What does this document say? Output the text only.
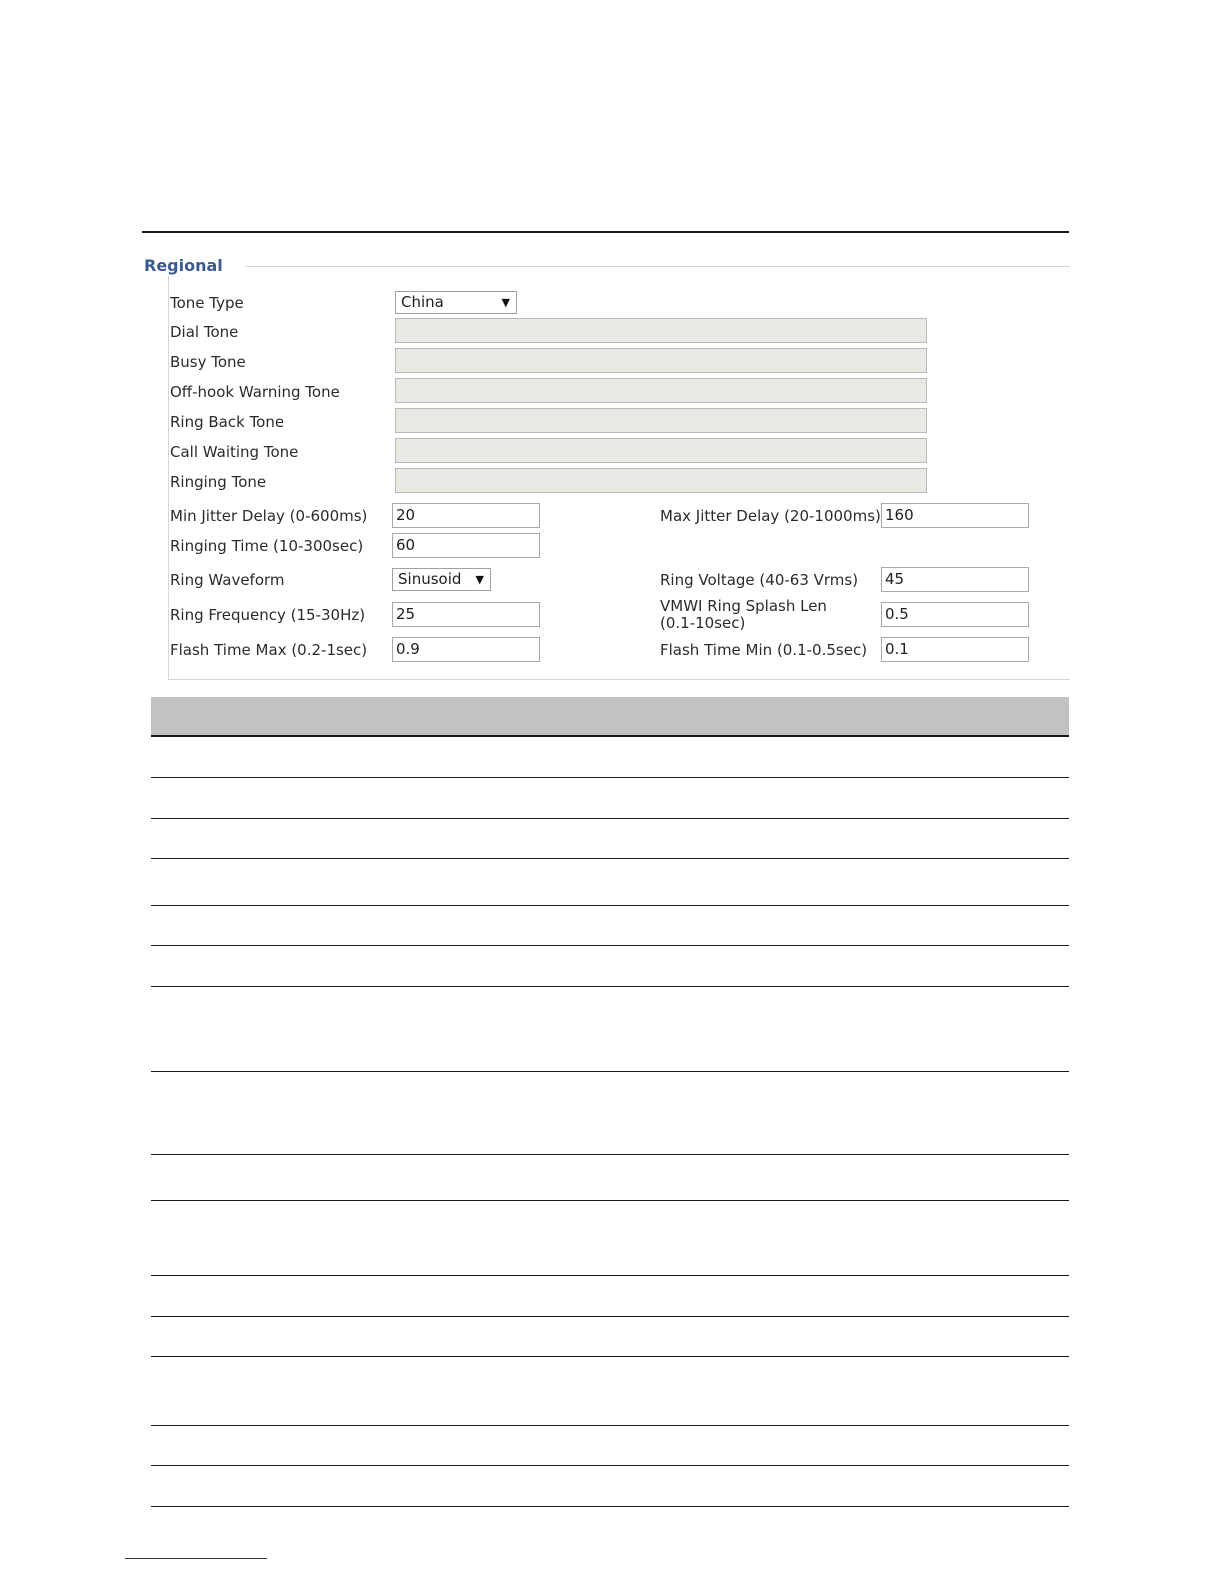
Regional
Tone Type	China	▼
Dial Tone
Busy Tone
Off-hook Warning Tone
Ring Back Tone
Call Waiting Tone
Ringing Tone
Min Jitter Delay (0-600ms) 20	Max Jitter Delay (20-1000ms) 160
Ringing Time (10-300sec) 60
Ring Waveform	Sinusoid ▼	Ring Voltage (40-63 Vrms) 45
Ring Frequency (15-30Hz) 25	VMWI Ring Splash Len (0.1-10sec)	0.5
Flash Time Max (0.2-1sec) 0.9	Flash Time Min (0.1-0.5sec) 0.1
